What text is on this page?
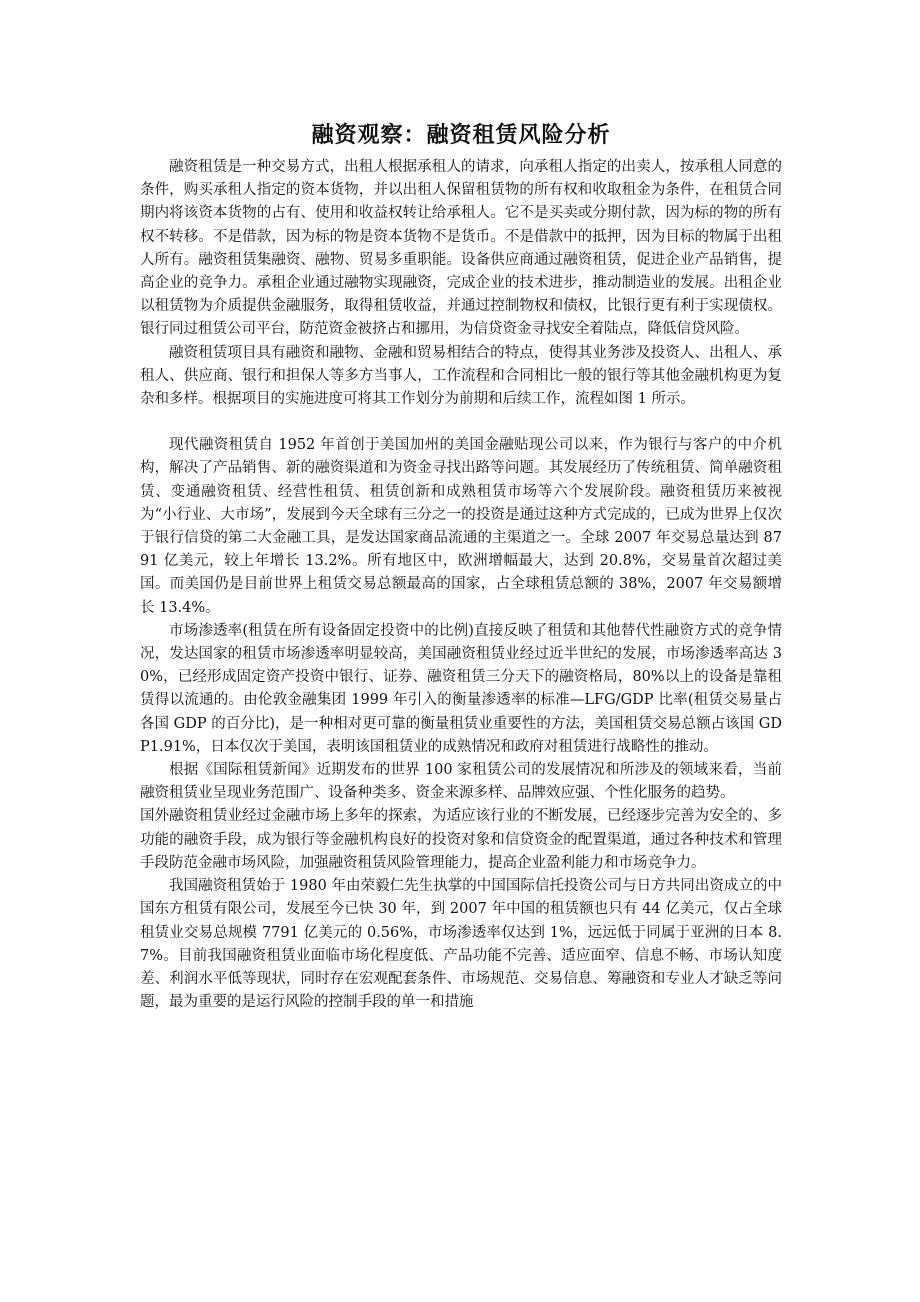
融资观察：融资租赁风险分析

融资租赁是一种交易方式，出租人根据承租人的请求，向承租人指定的出卖人，按承租人同意的条件，购买承租人指定的资本货物，并以出租人保留租赁物的所有权和收取租金为条件，在租赁合同期内将该资本货物的占有、使用和收益权转让给承租人。它不是买卖或分期付款，因为标的物的所有权不转移。不是借款，因为标的物是资本货物不是货币。不是借款中的抵押，因为目标的物属于出租人所有。融资租赁集融资、融物、贸易多重职能。设备供应商通过融资租赁，促进企业产品销售，提高企业的竞争力。承租企业通过融物实现融资，完成企业的技术进步，推动制造业的发展。出租企业以租赁物为介质提供金融服务，取得租赁收益，并通过控制物权和债权，比银行更有利于实现债权。银行同过租赁公司平台，防范资金被挤占和挪用，为信贷资金寻找安全着陆点，降低信贷风险。

融资租赁项目具有融资和融物、金融和贸易相结合的特点，使得其业务涉及投资人、出租人、承租人、供应商、银行和担保人等多方当事人，工作流程和合同相比一般的银行等其他金融机构更为复杂和多样。根据项目的实施进度可将其工作划分为前期和后续工作，流程如图 1 所示。

现代融资租赁自 1952 年首创于美国加州的美国金融贴现公司以来，作为银行与客户的中介机构，解决了产品销售、新的融资渠道和为资金寻找出路等问题。其发展经历了传统租赁、简单融资租赁、变通融资租赁、经营性租赁、租赁创新和成熟租赁市场等六个发展阶段。融资租赁历来被视为“小行业、大市场”，发展到今天全球有三分之一的投资是通过这种方式完成的，已成为世界上仅次于银行信贷的第二大金融工具，是发达国家商品流通的主渠道之一。全球 2007 年交易总量达到 8791 亿美元，较上年增长 13.2%。所有地区中，欧洲增幅最大，达到 20.8%，交易量首次超过美国。而美国仍是目前世界上租赁交易总额最高的国家，占全球租赁总额的 38%，2007 年交易额增长 13.4%。

市场渗透率(租赁在所有设备固定投资中的比例)直接反映了租赁和其他替代性融资方式的竞争情况，发达国家的租赁市场渗透率明显较高，美国融资租赁业经过近半世纪的发展，市场渗透率高达 30%，已经形成固定资产投资中银行、证券、融资租赁三分天下的融资格局，80%以上的设备是靠租赁得以流通的。由伦敦金融集团 1999 年引入的衡量渗透率的标准—LFG/GDP 比率(租赁交易量占各国 GDP 的百分比)，是一种相对更可靠的衡量租赁业重要性的方法，美国租赁交易总额占该国 GDP1.91%，日本仅次于美国，表明该国租赁业的成熟情况和政府对租赁进行战略性的推动。

根据《国际租赁新闻》近期发布的世界 100 家租赁公司的发展情况和所涉及的领域来看，当前融资租赁业呈现业务范围广、设备种类多、资金来源多样、品牌效应强、个性化服务的趋势。

国外融资租赁业经过金融市场上多年的探索，为适应该行业的不断发展，已经逐步完善为安全的、多功能的融资手段，成为银行等金融机构良好的投资对象和信贷资金的配置渠道，通过各种技术和管理手段防范金融市场风险，加强融资租赁风险管理能力，提高企业盈利能力和市场竞争力。

我国融资租赁始于 1980 年由荣毅仁先生执掌的中国国际信托投资公司与日方共同出资成立的中国东方租赁有限公司，发展至今已快 30 年，到 2007 年中国的租赁额也只有 44 亿美元，仅占全球租赁业交易总规模 7791 亿美元的 0.56%，市场渗透率仅达到 1%，远远低于同属于亚洲的日本 8.7%。目前我国融资租赁业面临市场化程度低、产品功能不完善、适应面窄、信息不畅、市场认知度差、利润水平低等现状，同时存在宏观配套条件、市场规范、交易信息、筹融资和专业人才缺乏等问题，最为重要的是运行风险的控制手段的单一和措施
